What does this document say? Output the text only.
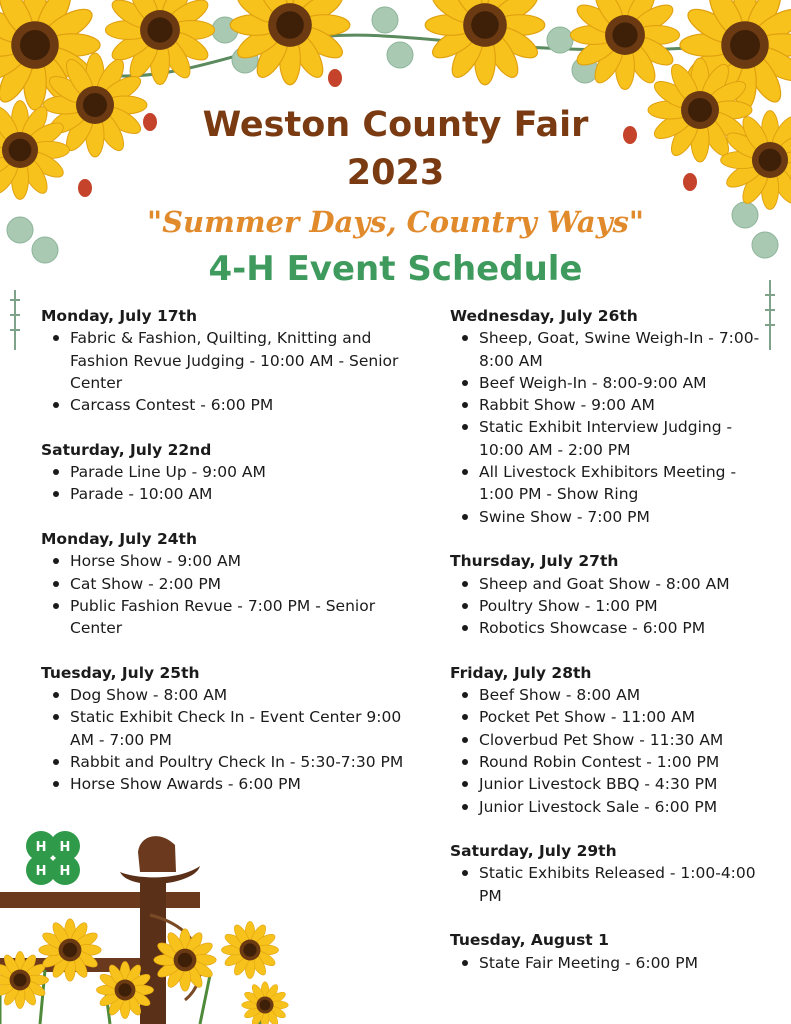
H H
H H
Weston County Fair
2023
"Summer Days, Country Ways"
4-H Event Schedule
Monday, July 17th
Fabric & Fashion, Quilting, Knitting and Fashion Revue Judging - 10:00 AM - Senior Center
Carcass Contest - 6:00 PM
Saturday, July 22nd
Parade Line Up - 9:00 AM
Parade - 10:00 AM
Monday, July 24th
Horse Show - 9:00 AM
Cat Show - 2:00 PM
Public Fashion Revue - 7:00 PM - Senior Center
Tuesday, July 25th
Dog Show - 8:00 AM
Static Exhibit Check In - Event Center 9:00 AM - 7:00 PM
Rabbit and Poultry Check In - 5:30-7:30 PM
Horse Show Awards - 6:00 PM
Wednesday, July 26th
Sheep, Goat, Swine Weigh-In - 7:00-8:00 AM
Beef Weigh-In - 8:00-9:00 AM
Rabbit Show - 9:00 AM
Static Exhibit Interview Judging - 10:00 AM - 2:00 PM
All Livestock Exhibitors Meeting - 1:00 PM - Show Ring
Swine Show - 7:00 PM
Thursday, July 27th
Sheep and Goat Show - 8:00 AM
Poultry Show - 1:00 PM
Robotics Showcase - 6:00 PM
Friday, July 28th
Beef Show - 8:00 AM
Pocket Pet Show - 11:00 AM
Cloverbud Pet Show - 11:30 AM
Round Robin Contest - 1:00 PM
Junior Livestock BBQ - 4:30 PM
Junior Livestock Sale - 6:00 PM
Saturday, July 29th
Static Exhibits Released - 1:00-4:00 PM
Tuesday, August 1
State Fair Meeting - 6:00 PM
